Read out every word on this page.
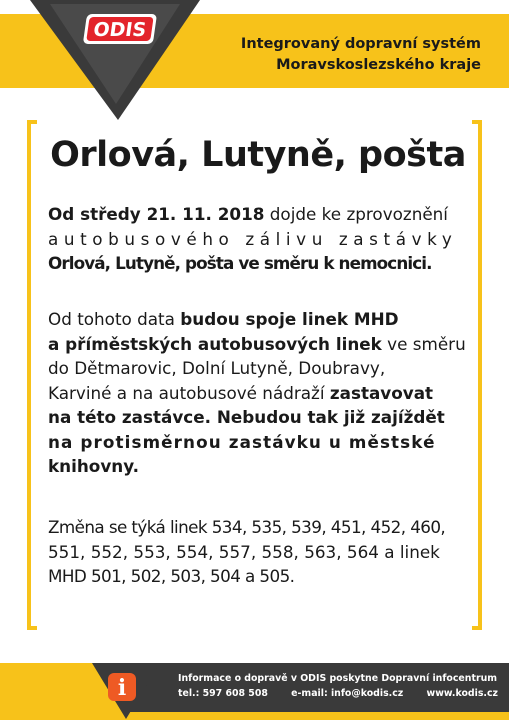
ODIS
Integrovaný dopravní systém
Moravskoslezského kraje
Orlová, Lutyně, pošta
Od středy 21. 11. 2018 dojde ke zprovoznění
autobusového zálivu zastávky
Orlová, Lutyně, pošta ve směru k nemocnici.
Od tohoto data budou spoje linek MHD
a příměstských autobusových linek ve směru
do Dětmarovic, Dolní Lutyně, Doubravy,
Karviné a na autobusové nádraží zastavovat
na této zastávce. Nebudou tak již zajíždět
na protisměrnou zastávku u městské
knihovny.
Změna se týká linek 534, 535, 539, 451, 452, 460,
551, 552, 553, 554, 557, 558, 563, 564 a linek
MHD 501, 502, 503, 504 a 505.
i	Informace o dopravě v ODIS poskytne Dopravní infocentrum
tel.: 597 608 508 e-mail: info@kodis.cz www.kodis.cz
